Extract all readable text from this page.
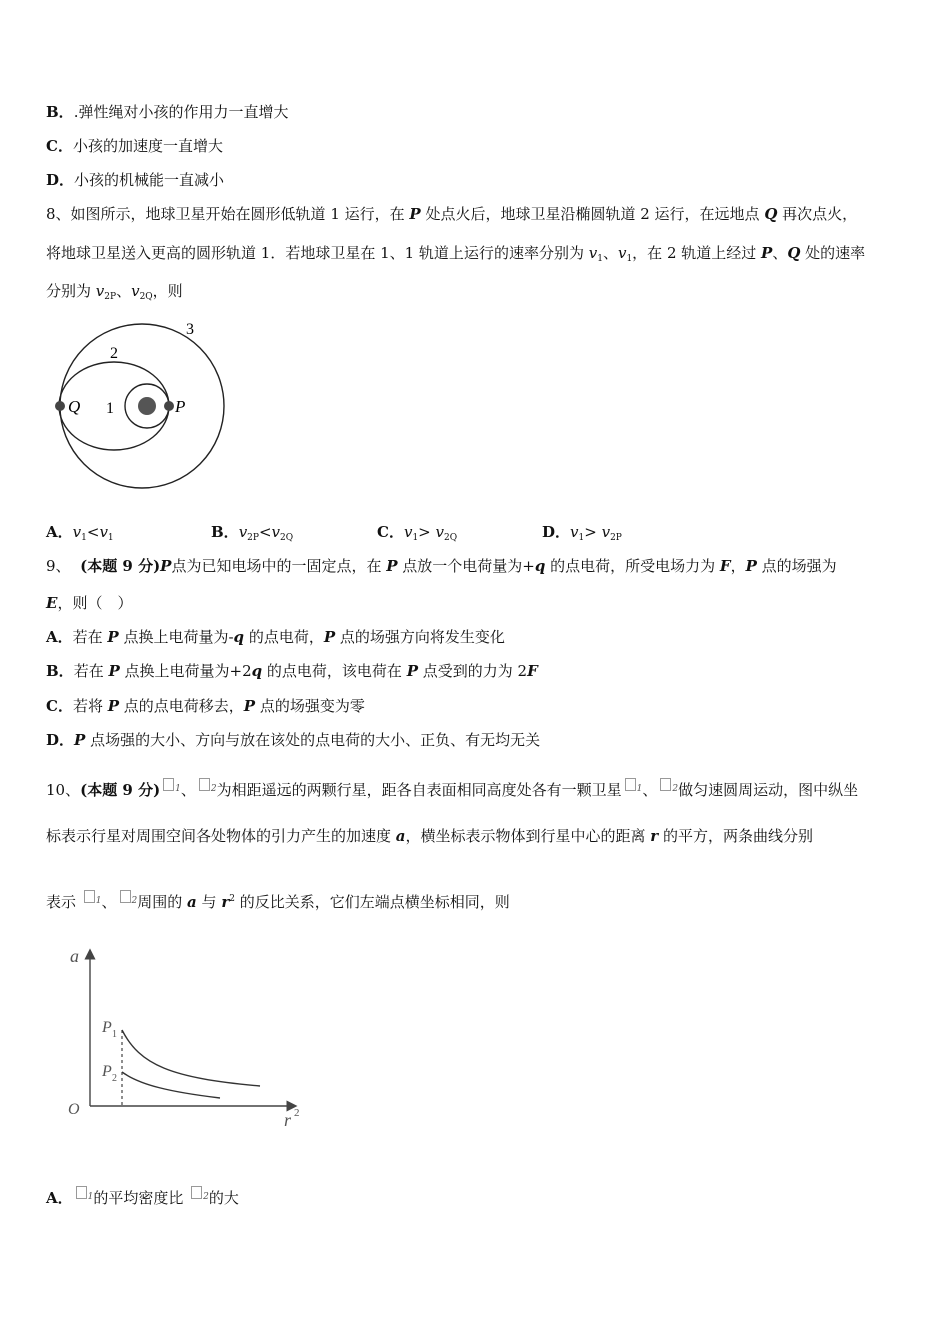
B．.弹性绳对小孩的作用力一直增大
C．小孩的加速度一直增大
D．小孩的机械能一直减小
8、如图所示，地球卫星开始在圆形低轨道 1 运行，在 P 处点火后，地球卫星沿椭圆轨道 2 运行，在远地点 Q 再次点火，
将地球卫星送入更高的圆形轨道 1．若地球卫星在 1、1 轨道上运行的速率分别为 $v_1$、$v_1$，在 2 轨道上经过 P、Q 处的速率
分别为 $v_{2P}$、$v_{2Q}$，则
3
2
1
Q	P
A．$v_1<v_1$	B．$v_{2P}<v_{2Q}$	C．$v_1> v_{2Q}$	D．$v_1> v_{2P}$
9、 (本题 9 分)P点为已知电场中的一固定点，在 P 点放一个电荷量为+q 的点电荷，所受电场力为 F，P 点的场强为
E，则（　）
A．若在 P 点换上电荷量为-q 的点电荷，P 点的场强方向将发生变化
B．若在 P 点换上电荷量为+2q 的点电荷，该电荷在 P 点受到的力为 2F
C．若将 P 点的点电荷移去，P 点的场强变为零
D．P 点场强的大小、方向与放在该处的点电荷的大小、正负、有无均无关
10、(本题 9 分) $^1$、 $^2$为相距遥远的两颗行星，距各自表面相同高度处各有一颗卫星 $^1$、 $^2$做匀速圆周运动，图中纵坐
标表示行星对周围空间各处物体的引力产生的加速度 a，横坐标表示物体到行星中心的距离 r 的平方，两条曲线分别
表示 $^1$、 $^2$周围的 a 与 $r^2$ 的反比关系，它们左端点横坐标相同，则
a
O
r 2
P 1
P 2
A． $^1$的平均密度比 $^2$的大
